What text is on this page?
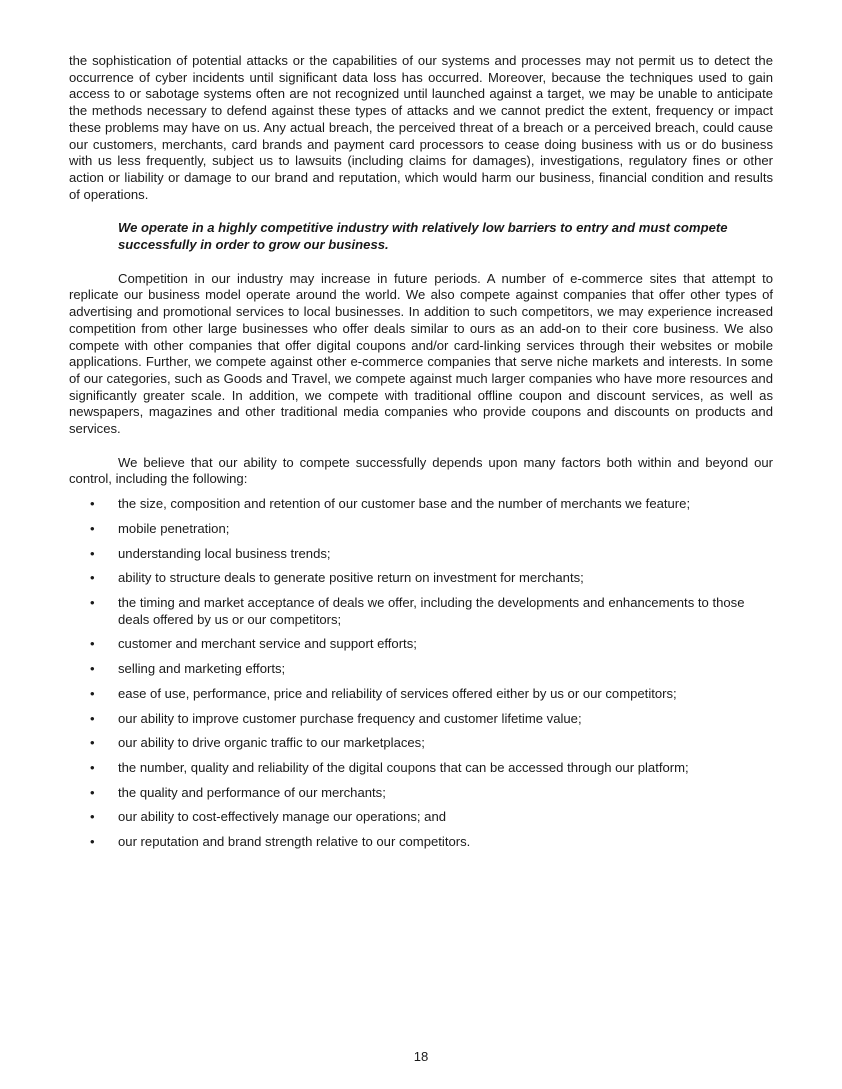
the sophistication of potential attacks or the capabilities of our systems and processes may not permit us to detect the occurrence of cyber incidents until significant data loss has occurred. Moreover, because the techniques used to gain access to or sabotage systems often are not recognized until launched against a target, we may be unable to anticipate the methods necessary to defend against these types of attacks and we cannot predict the extent, frequency or impact these problems may have on us. Any actual breach, the perceived threat of a breach or a perceived breach, could cause our customers, merchants, card brands and payment card processors to cease doing business with us or do business with us less frequently, subject us to lawsuits (including claims for damages), investigations, regulatory fines or other action or liability or damage to our brand and reputation, which would harm our business, financial condition and results of operations.

We operate in a highly competitive industry with relatively low barriers to entry and must compete successfully in order to grow our business.

Competition in our industry may increase in future periods. A number of e-commerce sites that attempt to replicate our business model operate around the world. We also compete against companies that offer other types of advertising and promotional services to local businesses. In addition to such competitors, we may experience increased competition from other large businesses who offer deals similar to ours as an add-on to their core business. We also compete with other companies that offer digital coupons and/or card-linking services through their websites or mobile applications. Further, we compete against other e-commerce companies that serve niche markets and interests. In some of our categories, such as Goods and Travel, we compete against much larger companies who have more resources and significantly greater scale. In addition, we compete with traditional offline coupon and discount services, as well as newspapers, magazines and other traditional media companies who provide coupons and discounts on products and services.

We believe that our ability to compete successfully depends upon many factors both within and beyond our control, including the following:

• the size, composition and retention of our customer base and the number of merchants we feature;
• mobile penetration;
• understanding local business trends;
• ability to structure deals to generate positive return on investment for merchants;
• the timing and market acceptance of deals we offer, including the developments and enhancements to those deals offered by us or our competitors;
• customer and merchant service and support efforts;
• selling and marketing efforts;
• ease of use, performance, price and reliability of services offered either by us or our competitors;
• our ability to improve customer purchase frequency and customer lifetime value;
• our ability to drive organic traffic to our marketplaces;
• the number, quality and reliability of the digital coupons that can be accessed through our platform;
• the quality and performance of our merchants;
• our ability to cost-effectively manage our operations; and
• our reputation and brand strength relative to our competitors.
18
